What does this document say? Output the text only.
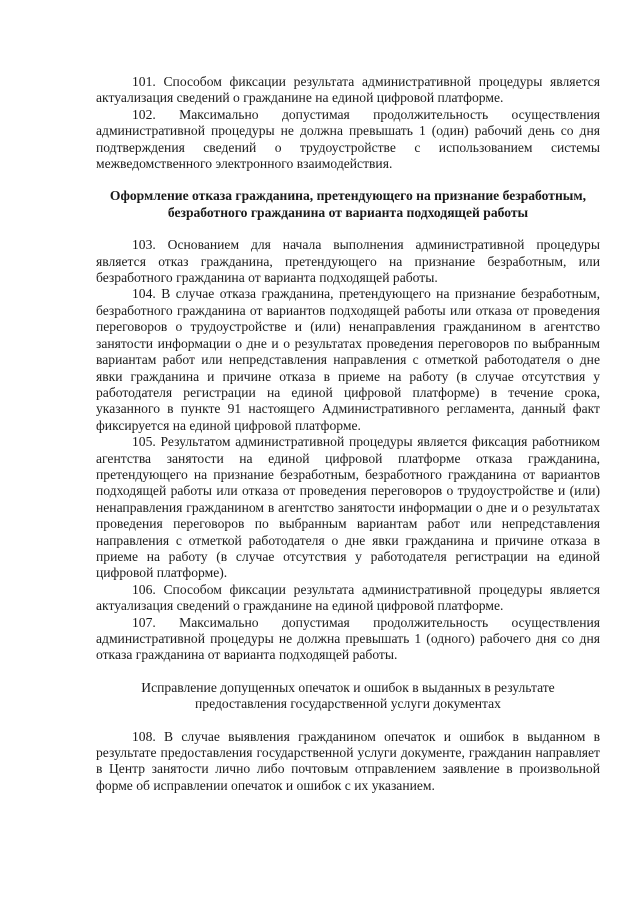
101. Способом фиксации результата административной процедуры является актуализация сведений о гражданине на единой цифровой платформе.

102. Максимально допустимая продолжительность осуществления административной процедуры не должна превышать 1 (один) рабочий день со дня подтверждения сведений о трудоустройстве с использованием системы межведомственного электронного взаимодействия.

Оформление отказа гражданина, претендующего на признание безработным, безработного гражданина от варианта подходящей работы

103. Основанием для начала выполнения административной процедуры является отказ гражданина, претендующего на признание безработным, или безработного гражданина от варианта подходящей работы.

104. В случае отказа гражданина, претендующего на признание безработным, безработного гражданина от вариантов подходящей работы или отказа от проведения переговоров о трудоустройстве и (или) ненаправления гражданином в агентство занятости информации о дне и о результатах проведения переговоров по выбранным вариантам работ или непредставления направления с отметкой работодателя о дне явки гражданина и причине отказа в приеме на работу (в случае отсутствия у работодателя регистрации на единой цифровой платформе) в течение срока, указанного в пункте 91 настоящего Административного регламента, данный факт фиксируется на единой цифровой платформе.

105. Результатом административной процедуры является фиксация работником агентства занятости на единой цифровой платформе отказа гражданина, претендующего на признание безработным, безработного гражданина от вариантов подходящей работы или отказа от проведения переговоров о трудоустройстве и (или) ненаправления гражданином в агентство занятости информации о дне и о результатах проведения переговоров по выбранным вариантам работ или непредставления направления с отметкой работодателя о дне явки гражданина и причине отказа в приеме на работу (в случае отсутствия у работодателя регистрации на единой цифровой платформе).

106. Способом фиксации результата административной процедуры является актуализация сведений о гражданине на единой цифровой платформе.

107. Максимально допустимая продолжительность осуществления административной процедуры не должна превышать 1 (одного) рабочего дня со дня отказа гражданина от варианта подходящей работы.

Исправление допущенных опечаток и ошибок в выданных в результате предоставления государственной услуги документах

108. В случае выявления гражданином опечаток и ошибок в выданном в результате предоставления государственной услуги документе, гражданин направляет в Центр занятости лично либо почтовым отправлением заявление в произвольной форме об исправлении опечаток и ошибок с их указанием.
